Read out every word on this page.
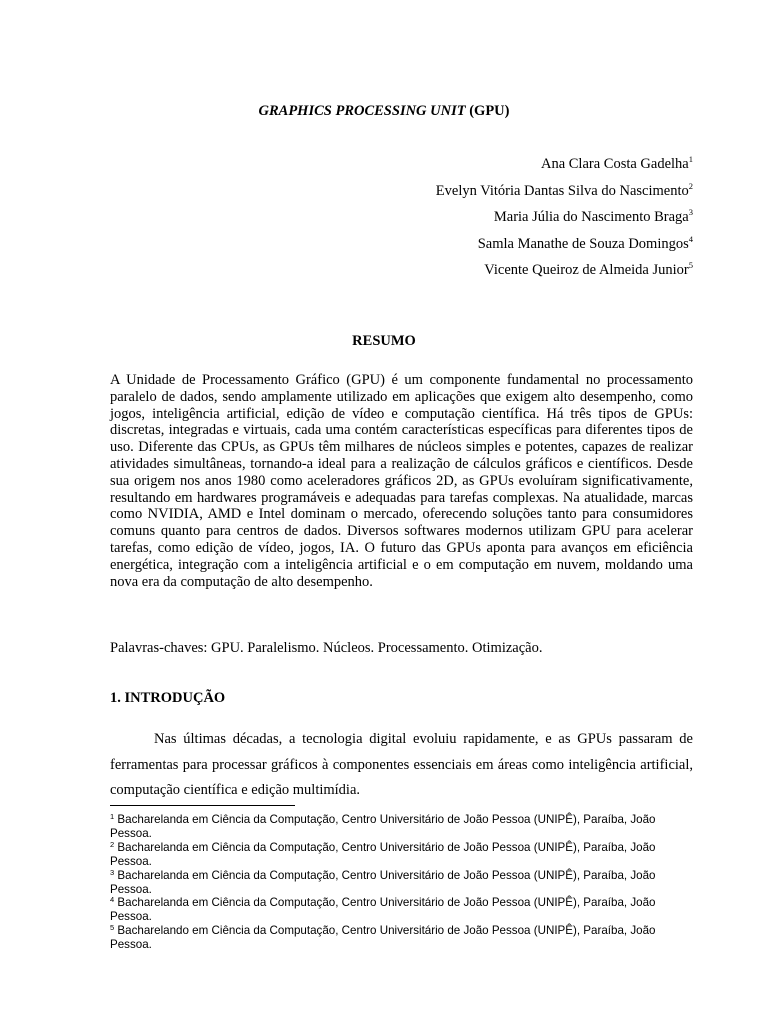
GRAPHICS PROCESSING UNIT (GPU)
Ana Clara Costa Gadelha$^1$
Evelyn Vitória Dantas Silva do Nascimento$^2$
Maria Júlia do Nascimento Braga$^3$
Samla Manathe de Souza Domingos$^4$
Vicente Queiroz de Almeida Junior$^5$
RESUMO

A Unidade de Processamento Gráfico (GPU) é um componente fundamental no processamento paralelo de dados, sendo amplamente utilizado em aplicações que exigem alto desempenho, como jogos, inteligência artificial, edição de vídeo e computação científica. Há três tipos de GPUs: discretas, integradas e virtuais, cada uma contém características específicas para diferentes tipos de uso. Diferente das CPUs, as GPUs têm milhares de núcleos simples e potentes, capazes de realizar atividades simultâneas, tornando-a ideal para a realização de cálculos gráficos e científicos. Desde sua origem nos anos 1980 como aceleradores gráficos 2D, as GPUs evoluíram significativamente, resultando em hardwares programáveis e adequadas para tarefas complexas. Na atualidade, marcas como NVIDIA, AMD e Intel dominam o mercado, oferecendo soluções tanto para consumidores comuns quanto para centros de dados. Diversos softwares modernos utilizam GPU para acelerar tarefas, como edição de vídeo, jogos, IA. O futuro das GPUs aponta para avanços em eficiência energética, integração com a inteligência artificial e o em computação em nuvem, moldando uma nova era da computação de alto desempenho.

Palavras-chaves: GPU. Paralelismo. Núcleos. Processamento. Otimização.

1. INTRODUÇÃO

Nas últimas décadas, a tecnologia digital evoluiu rapidamente, e as GPUs passaram de ferramentas para processar gráficos à componentes essenciais em áreas como inteligência artificial, computação científica e edição multimídia.

$^1$ Bacharelanda em Ciência da Computação, Centro Universitário de João Pessoa (UNIPÊ), Paraíba, João Pessoa.

$^2$ Bacharelanda em Ciência da Computação, Centro Universitário de João Pessoa (UNIPÊ), Paraíba, João Pessoa.

$^3$ Bacharelanda em Ciência da Computação, Centro Universitário de João Pessoa (UNIPÊ), Paraíba, João Pessoa.

$^4$ Bacharelanda em Ciência da Computação, Centro Universitário de João Pessoa (UNIPÊ), Paraíba, João Pessoa.

$^5$ Bacharelando em Ciência da Computação, Centro Universitário de João Pessoa (UNIPÊ), Paraíba, João Pessoa.
